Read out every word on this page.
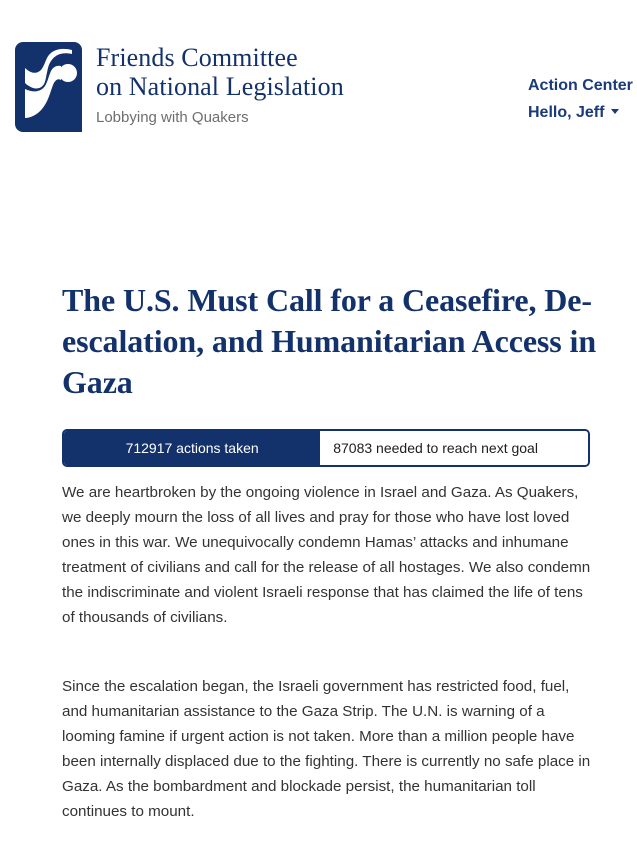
Friends Committee
on National Legislation
Lobbying with Quakers
Action Center
Hello, Jeff
The U.S. Must Call for a Ceasefire, De-escalation, and Humanitarian Access in Gaza
712917 actions taken	87083 needed to reach next goal

We are heartbroken by the ongoing violence in Israel and Gaza. As Quakers, we deeply mourn the loss of all lives and pray for those who have lost loved ones in this war. We unequivocally condemn Hamas’ attacks and inhumane treatment of civilians and call for the release of all hostages. We also condemn the indiscriminate and violent Israeli response that has claimed the life of tens of thousands of civilians.

Since the escalation began, the Israeli government has restricted food, fuel, and humanitarian assistance to the Gaza Strip. The U.N. is warning of a looming famine if urgent action is not taken. More than a million people have been internally displaced due to the fighting. There is currently no safe place in Gaza. As the bombardment and blockade persist, the humanitarian toll continues to mount.
